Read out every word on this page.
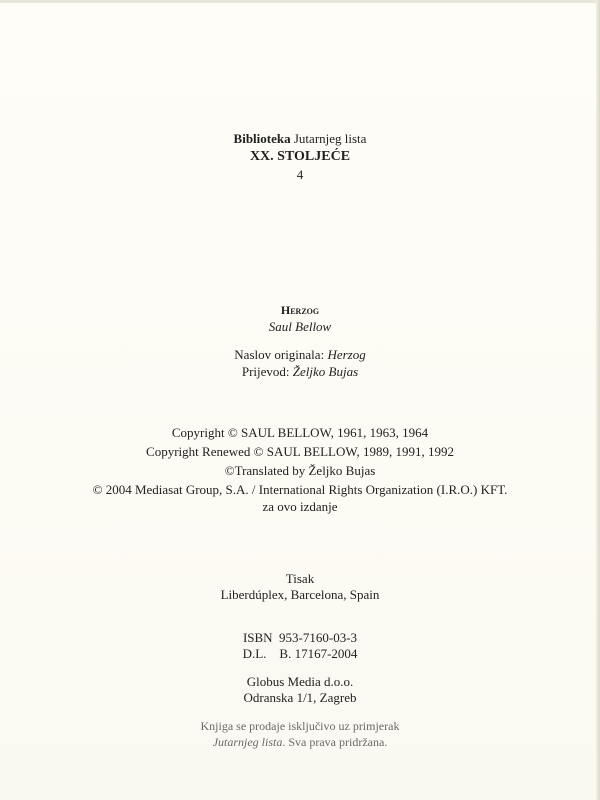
Biblioteka Jutarnjeg lista
XX. STOLJEĆE
4
Herzog
Saul Bellow
Naslov originala: Herzog
Prijevod: Željko Bujas
Copyright © SAUL BELLOW, 1961, 1963, 1964
Copyright Renewed © SAUL BELLOW, 1989, 1991, 1992
©Translated by Željko Bujas
© 2004 Mediasat Group, S.A. / International Rights Organization (I.R.O.) KFT.
za ovo izdanje
Tisak
Liberdúplex, Barcelona, Spain
ISBN  953-7160-03-3
D.L.    B. 17167-2004
Globus Media d.o.o.
Odranska 1/1, Zagreb
Knjiga se prodaje isključivo uz primjerak
Jutarnjeg lista. Sva prava pridržana.
